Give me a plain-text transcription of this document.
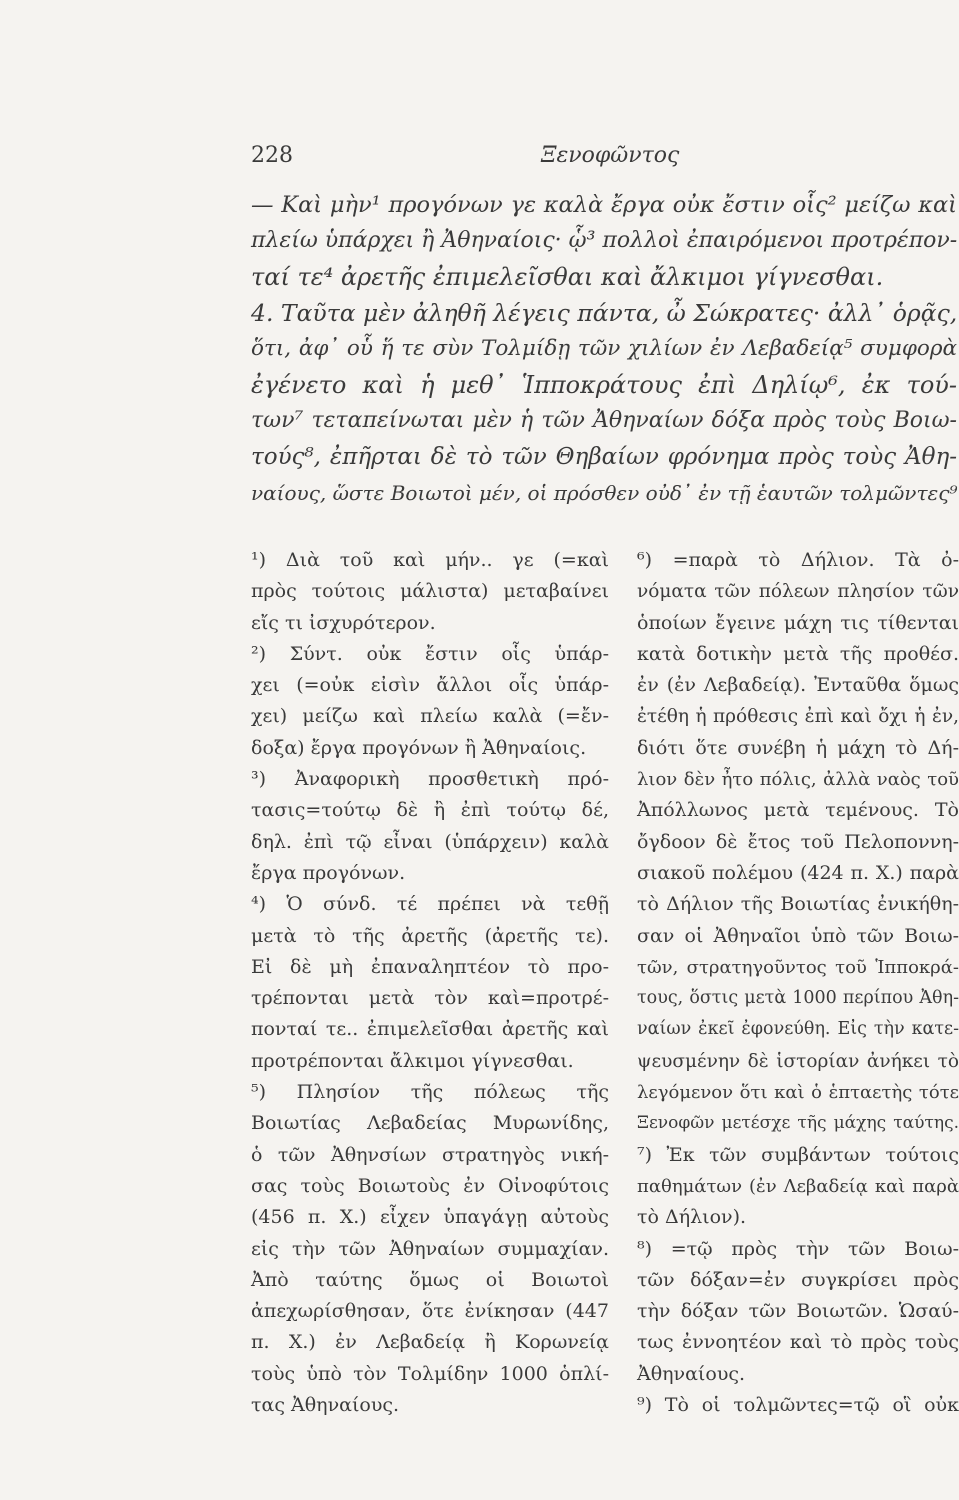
228	Ξενοφῶντος
— Καὶ μὴν¹ προγόνων γε καλὰ ἔργα οὐκ ἔστιν οἷς² μείζω καὶ
πλείω ὑπάρχει ἢ Ἀθηναίοις· ᾧ³ πολλοὶ ἐπαιρόμενοι προτρέπον-
ταί τε⁴ ἀρετῆς ἐπιμελεῖσθαι καὶ ἄλκιμοι γίγνεσθαι.
4. Ταῦτα μὲν ἀληθῆ λέγεις πάντα, ὦ Σώκρατες· ἀλλ᾽ ὁρᾷς,
ὅτι, ἀφ᾽ οὗ ἥ τε σὺν Τολμίδῃ τῶν χιλίων ἐν Λεβαδείᾳ⁵ συμφορὰ
ἐγένετο καὶ ἡ μεθ᾽ Ἱπποκράτους ἐπὶ Δηλίῳ⁶, ἐκ τού-
των⁷ τεταπείνωται μὲν ἡ τῶν Ἀθηναίων δόξα πρὸς τοὺς Βοιω-
τούς⁸, ἐπῆρται δὲ τὸ τῶν Θηβαίων φρόνημα πρὸς τοὺς Ἀθη-
ναίους, ὥστε Βοιωτοὶ μέν, οἱ πρόσθεν οὐδ᾽ ἐν τῇ ἑαυτῶν τολμῶντες⁹
¹) Διὰ τοῦ καὶ μήν.. γε (=καὶ
πρὸς τούτοις μάλιστα) μεταβαίνει
εἴς τι ἰσχυρότερον.
²) Σύντ. οὐκ ἔστιν οἷς ὑπάρ-
χει (=οὐκ εἰσὶν ἄλλοι οἷς ὑπάρ-
χει) μείζω καὶ πλείω καλὰ (=ἔν-
δοξα) ἔργα προγόνων ἢ Ἀθηναίοις.
³) Ἀναφορικὴ προσθετικὴ πρό-
τασις=τούτῳ δὲ ἢ ἐπὶ τούτῳ δέ,
δηλ. ἐπὶ τῷ εἶναι (ὑπάρχειν) καλὰ
ἔργα προγόνων.
⁴) Ὁ σύνδ. τέ πρέπει νὰ τεθῇ
μετὰ τὸ τῆς ἀρετῆς (ἀρετῆς τε).
Εἰ δὲ μὴ ἐπαναληπτέον τὸ προ-
τρέπονται μετὰ τὸν καὶ=προτρέ-
πονταί τε.. ἐπιμελεῖσθαι ἀρετῆς καὶ
προτρέπονται ἄλκιμοι γίγνεσθαι.
⁵) Πλησίον τῆς πόλεως τῆς
Βοιωτίας Λεβαδείας Μυρωνίδης,
ὁ τῶν Ἀθηνσίων στρατηγὸς νική-
σας τοὺς Βοιωτοὺς ἐν Οἰνοφύτοις
(456 π. Χ.) εἶχεν ὑπαγάγῃ αὐτοὺς
εἰς τὴν τῶν Ἀθηναίων συμμαχίαν.
Ἀπὸ ταύτης ὅμως οἱ Βοιωτοὶ
ἀπεχωρίσθησαν, ὅτε ἐνίκησαν (447
π. Χ.) ἐν Λεβαδείᾳ ἢ Κορωνείᾳ
τοὺς ὑπὸ τὸν Τολμίδην 1000 ὁπλί-
τας Ἀθηναίους.
⁶) =παρὰ τὸ Δήλιον. Τὰ ὀ-
νόματα τῶν πόλεων πλησίον τῶν
ὁποίων ἔγεινε μάχη τις τίθενται
κατὰ δοτικὴν μετὰ τῆς προθέσ.
ἐν (ἐν Λεβαδείᾳ). Ἐνταῦθα ὅμως
ἐτέθη ἡ πρόθεσις ἐπὶ καὶ ὄχι ἡ ἐν,
διότι ὅτε συνέβη ἡ μάχη τὸ Δή-
λιον δὲν ἦτο πόλις, ἀλλὰ ναὸς τοῦ
Ἀπόλλωνος μετὰ τεμένους. Τὸ
ὄγδοον δὲ ἔτος τοῦ Πελοποννη-
σιακοῦ πολέμου (424 π. Χ.) παρὰ
τὸ Δήλιον τῆς Βοιωτίας ἐνικήθη-
σαν οἱ Ἀθηναῖοι ὑπὸ τῶν Βοιω-
τῶν, στρατηγοῦντος τοῦ Ἱπποκρά-
τους, ὅστις μετὰ 1000 περίπου Ἀθη-
ναίων ἐκεῖ ἐφονεύθη. Εἰς τὴν κατε-
ψευσμένην δὲ ἱστορίαν ἀνήκει τὸ
λεγόμενον ὅτι καὶ ὁ ἑπταετὴς τότε
Ξενοφῶν μετέσχε τῆς μάχης ταύτης.
⁷) Ἐκ τῶν συμβάντων τούτοις
παθημάτων (ἐν Λεβαδείᾳ καὶ παρὰ
τὸ Δήλιον).
⁸) =τῷ πρὸς τὴν τῶν Βοιω-
τῶν δόξαν=ἐν συγκρίσει πρὸς
τὴν δόξαν τῶν Βοιωτῶν. Ὡσαύ-
τως ἐννοητέον καὶ τὸ πρὸς τοὺς
Ἀθηναίους.
⁹) Τὸ οἱ τολμῶντες=τῷ οἳ οὐκ
